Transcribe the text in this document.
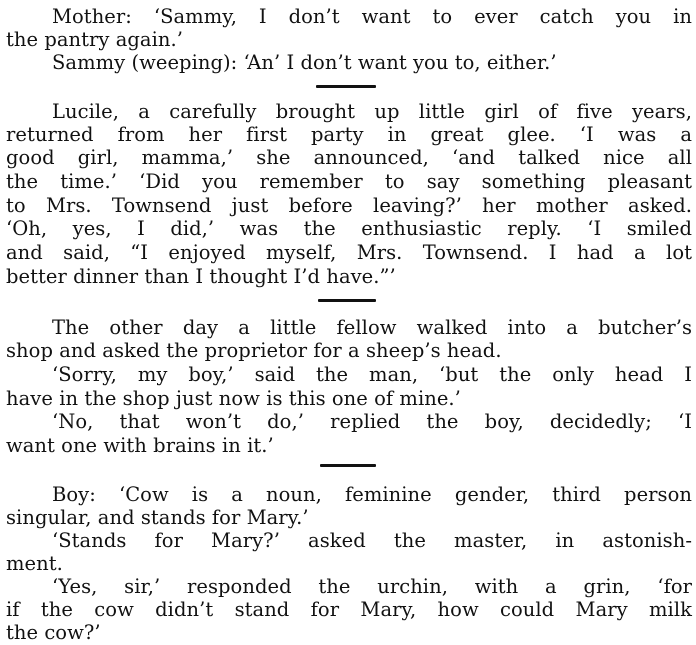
Mother: ‘Sammy, I don’t want to ever catch you in
the pantry again.’
Sammy (weeping): ‘An’ I don’t want you to, either.’
Lucile, a carefully brought up little girl of five years,
returned from her first party in great glee. ‘I was a
good girl, mamma,’ she announced, ‘and talked nice all
the time.’ ‘Did you remember to say something pleasant
to Mrs. Townsend just before leaving?’ her mother asked.
‘Oh, yes, I did,’ was the enthusiastic reply. ‘I smiled
and said, “I enjoyed myself, Mrs. Townsend. I had a lot
better dinner than I thought I’d have.”’
The other day a little fellow walked into a butcher’s
shop and asked the proprietor for a sheep’s head.
‘Sorry, my boy,’ said the man, ‘but the only head I
have in the shop just now is this one of mine.’
‘No, that won’t do,’ replied the boy, decidedly; ‘I
want one with brains in it.’
Boy: ‘Cow is a noun, feminine gender, third person
singular, and stands for Mary.’
‘Stands for Mary?’ asked the master, in astonish-
ment.
‘Yes, sir,’ responded the urchin, with a grin, ‘for
if the cow didn’t stand for Mary, how could Mary milk
the cow?’
